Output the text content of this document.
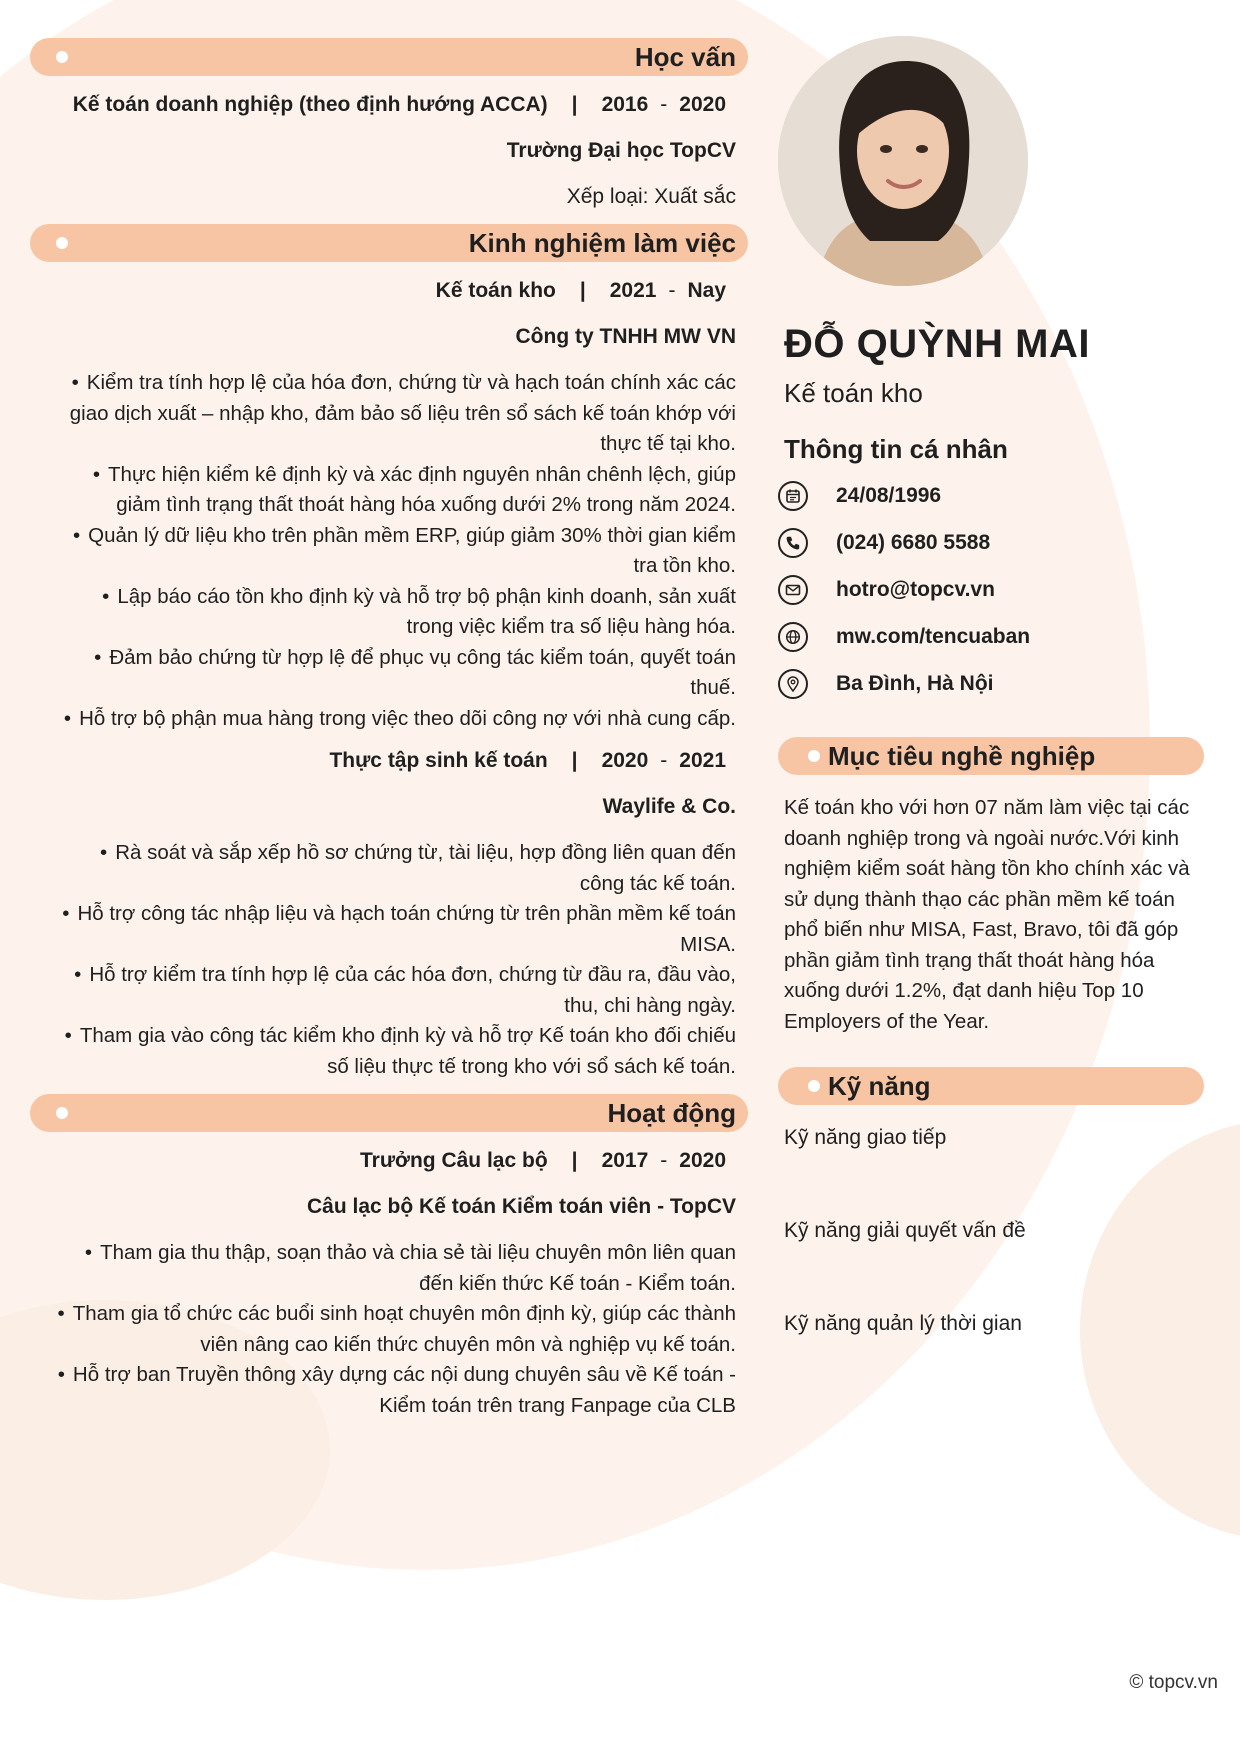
Học vấn
Kế toán doanh nghiệp (theo định hướng ACCA) | 2016 - 2020
Trường Đại học TopCV
Xếp loại: Xuất sắc
Kinh nghiệm làm việc
Kế toán kho | 2021 - Nay
Công ty TNHH MW VN
• Kiểm tra tính hợp lệ của hóa đơn, chứng từ và hạch toán chính xác các giao dịch xuất – nhập kho, đảm bảo số liệu trên sổ sách kế toán khớp với thực tế tại kho.
• Thực hiện kiểm kê định kỳ và xác định nguyên nhân chênh lệch, giúp giảm tình trạng thất thoát hàng hóa xuống dưới 2% trong năm 2024.
• Quản lý dữ liệu kho trên phần mềm ERP, giúp giảm 30% thời gian kiểm tra tồn kho.
• Lập báo cáo tồn kho định kỳ và hỗ trợ bộ phận kinh doanh, sản xuất trong việc kiểm tra số liệu hàng hóa.
• Đảm bảo chứng từ hợp lệ để phục vụ công tác kiểm toán, quyết toán thuế.
• Hỗ trợ bộ phận mua hàng trong việc theo dõi công nợ với nhà cung cấp.
Thực tập sinh kế toán | 2020 - 2021
Waylife & Co.
• Rà soát và sắp xếp hồ sơ chứng từ, tài liệu, hợp đồng liên quan đến công tác kế toán.
• Hỗ trợ công tác nhập liệu và hạch toán chứng từ trên phần mềm kế toán MISA.
• Hỗ trợ kiểm tra tính hợp lệ của các hóa đơn, chứng từ đầu ra, đầu vào, thu, chi hàng ngày.
• Tham gia vào công tác kiểm kho định kỳ và hỗ trợ Kế toán kho đối chiếu số liệu thực tế trong kho với sổ sách kế toán.
Hoạt động
Trưởng Câu lạc bộ | 2017 - 2020
Câu lạc bộ Kế toán Kiểm toán viên - TopCV
• Tham gia thu thập, soạn thảo và chia sẻ tài liệu chuyên môn liên quan đến kiến thức Kế toán - Kiểm toán.
• Tham gia tổ chức các buổi sinh hoạt chuyên môn định kỳ, giúp các thành viên nâng cao kiến thức chuyên môn và nghiệp vụ kế toán.
• Hỗ trợ ban Truyền thông xây dựng các nội dung chuyên sâu về Kế toán - Kiểm toán trên trang Fanpage của CLB
ĐỖ QUỲNH MAI
Kế toán kho
Thông tin cá nhân
24/08/1996
(024) 6680 5588
hotro@topcv.vn
mw.com/tencuaban
Ba Đình, Hà Nội
Mục tiêu nghề nghiệp
Kế toán kho với hơn 07 năm làm việc tại các doanh nghiệp trong và ngoài nước.Với kinh nghiệm kiểm soát hàng tồn kho chính xác và sử dụng thành thạo các phần mềm kế toán phổ biến như MISA, Fast, Bravo, tôi đã góp phần giảm tình trạng thất thoát hàng hóa xuống dưới 1.2%, đạt danh hiệu Top 10 Employers of the Year.
Kỹ năng
Kỹ năng giao tiếp
Kỹ năng giải quyết vấn đề
Kỹ năng quản lý thời gian
© topcv.vn
